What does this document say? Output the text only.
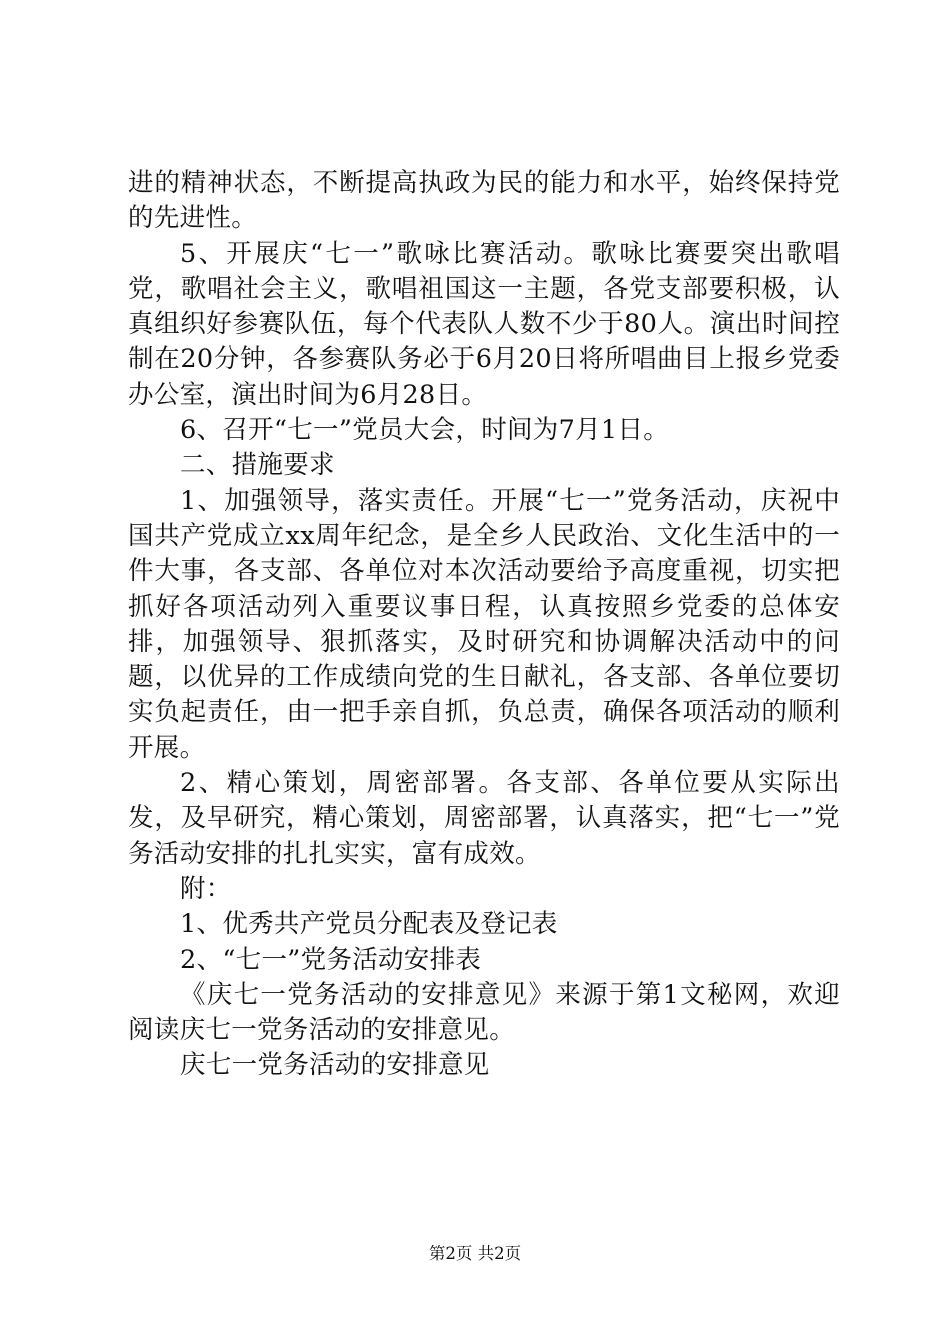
进的精神状态，不断提高执政为民的能力和水平，始终保持党的先进性。

5、开展庆“七一”歌咏比赛活动。歌咏比赛要突出歌唱党，歌唱社会主义，歌唱祖国这一主题，各党支部要积极，认真组织好参赛队伍，每个代表队人数不少于80人。演出时间控制在20分钟，各参赛队务必于6月20日将所唱曲目上报乡党委办公室，演出时间为6月28日。

6、召开“七一”党员大会，时间为7月1日。

二、措施要求

1、加强领导，落实责任。开展“七一”党务活动，庆祝中国共产党成立xx周年纪念，是全乡人民政治、文化生活中的一件大事，各支部、各单位对本次活动要给予高度重视，切实把抓好各项活动列入重要议事日程，认真按照乡党委的总体安排，加强领导、狠抓落实，及时研究和协调解决活动中的问题，以优异的工作成绩向党的生日献礼，各支部、各单位要切实负起责任，由一把手亲自抓，负总责，确保各项活动的顺利开展。

2、精心策划，周密部署。各支部、各单位要从实际出发，及早研究，精心策划，周密部署，认真落实，把“七一”党务活动安排的扎扎实实，富有成效。

附：

1、优秀共产党员分配表及登记表

2、“七一”党务活动安排表

《庆七一党务活动的安排意见》来源于第1文秘网，欢迎阅读庆七一党务活动的安排意见。

庆七一党务活动的安排意见

第2页 共2页
